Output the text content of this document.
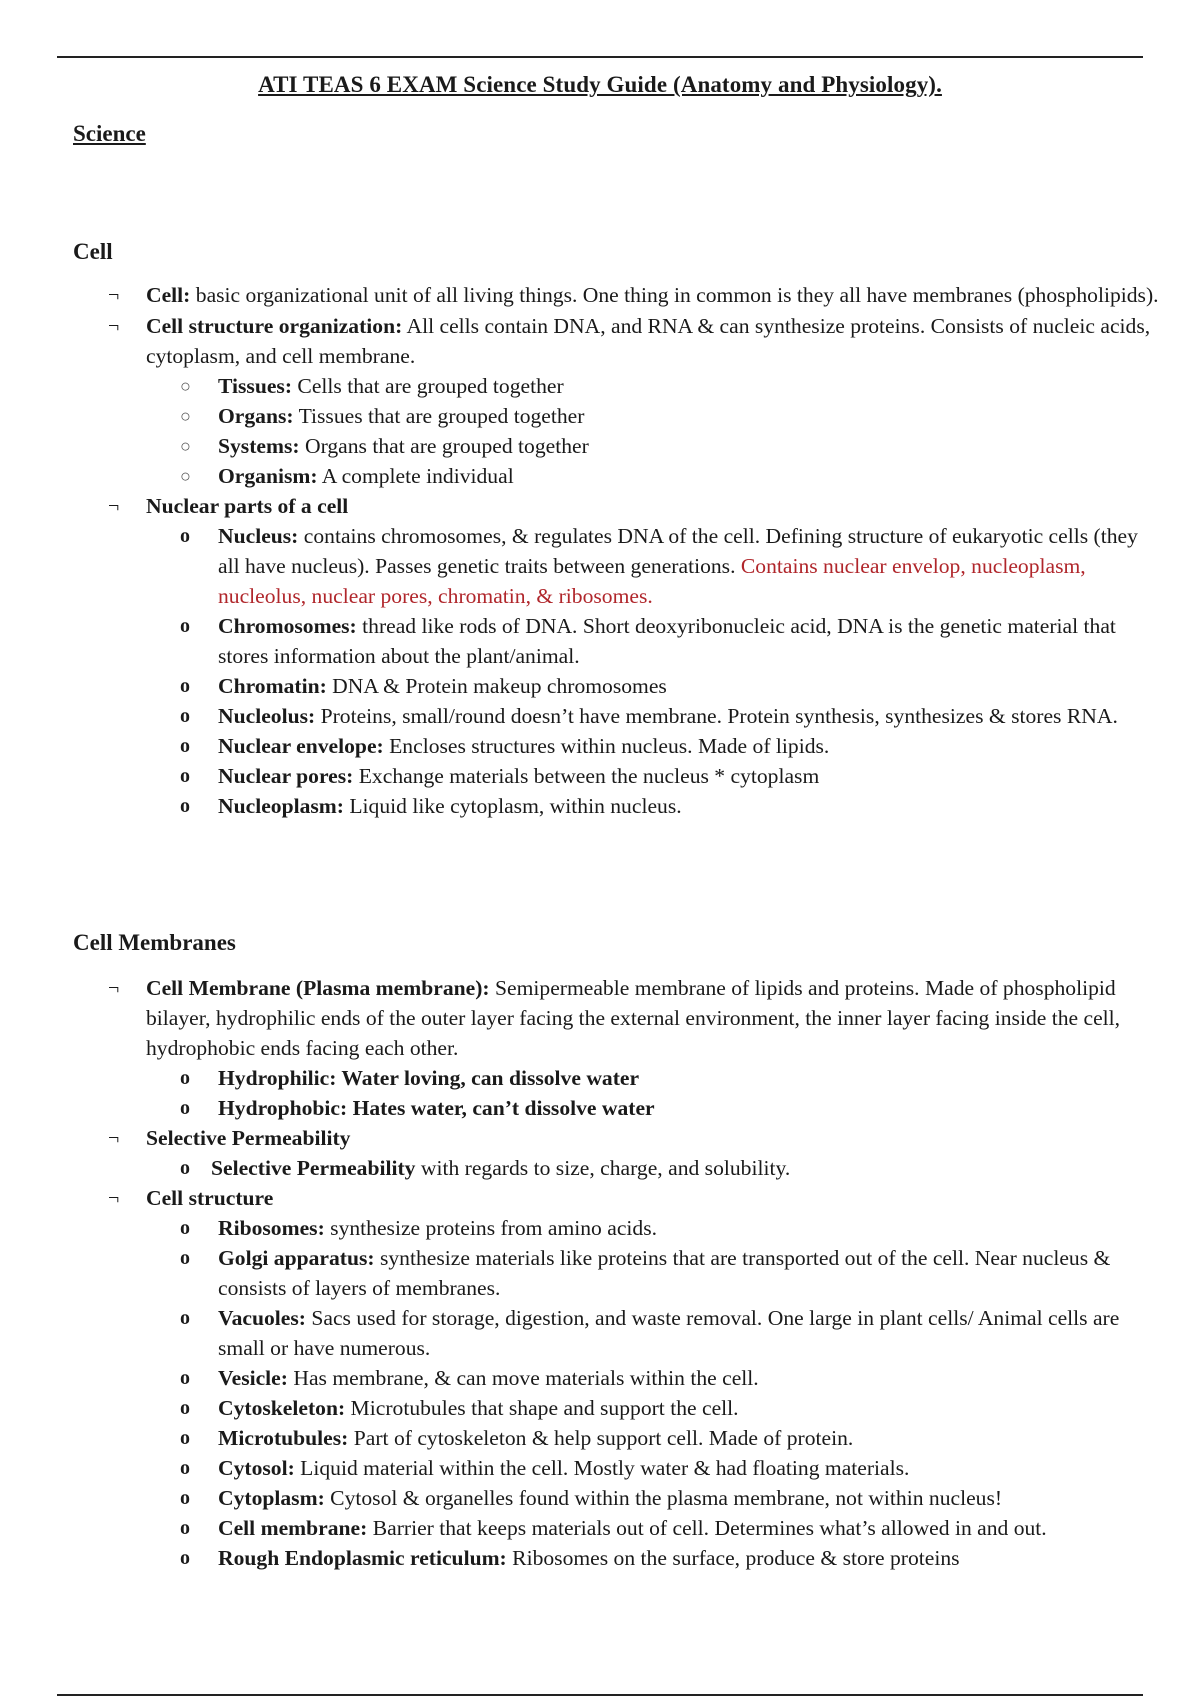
ATI TEAS 6 EXAM Science Study Guide (Anatomy and Physiology).
Science
Cell

¬ Cell: basic organizational unit of all living things. One thing in common is they all have membranes (phospholipids).

¬ Cell structure organization: All cells contain DNA, and RNA & can synthesize proteins. Consists of nucleic acids, cytoplasm, and cell membrane.

○ Tissues: Cells that are grouped together

○ Organs: Tissues that are grouped together

○ Systems: Organs that are grouped together

○ Organism: A complete individual

¬ Nuclear parts of a cell

o Nucleus: contains chromosomes, & regulates DNA of the cell. Defining structure of eukaryotic cells (they all have nucleus). Passes genetic traits between generations. Contains nuclear envelop, nucleoplasm, nucleolus, nuclear pores, chromatin, & ribosomes.

o Chromosomes: thread like rods of DNA. Short deoxyribonucleic acid, DNA is the genetic material that stores information about the plant/animal.

o Chromatin: DNA & Protein makeup chromosomes

o Nucleolus: Proteins, small/round doesn’t have membrane. Protein synthesis, synthesizes & stores RNA.

o Nuclear envelope: Encloses structures within nucleus. Made of lipids.

o Nuclear pores: Exchange materials between the nucleus * cytoplasm

o Nucleoplasm: Liquid like cytoplasm, within nucleus.

Cell Membranes

¬ Cell Membrane (Plasma membrane): Semipermeable membrane of lipids and proteins. Made of phospholipid bilayer, hydrophilic ends of the outer layer facing the external environment, the inner layer facing inside the cell, hydrophobic ends facing each other.

o Hydrophilic: Water loving, can dissolve water

o Hydrophobic: Hates water, can’t dissolve water

¬ Selective Permeability

o Selective Permeability with regards to size, charge, and solubility.

¬ Cell structure

o Ribosomes: synthesize proteins from amino acids.

o Golgi apparatus: synthesize materials like proteins that are transported out of the cell. Near nucleus & consists of layers of membranes.

o Vacuoles: Sacs used for storage, digestion, and waste removal. One large in plant cells/ Animal cells are small or have numerous.

o Vesicle: Has membrane, & can move materials within the cell.

o Cytoskeleton: Microtubules that shape and support the cell.

o Microtubules: Part of cytoskeleton & help support cell. Made of protein.

o Cytosol: Liquid material within the cell. Mostly water & had floating materials.

o Cytoplasm: Cytosol & organelles found within the plasma membrane, not within nucleus!

o Cell membrane: Barrier that keeps materials out of cell. Determines what’s allowed in and out.

o Rough Endoplasmic reticulum: Ribosomes on the surface, produce & store proteins
